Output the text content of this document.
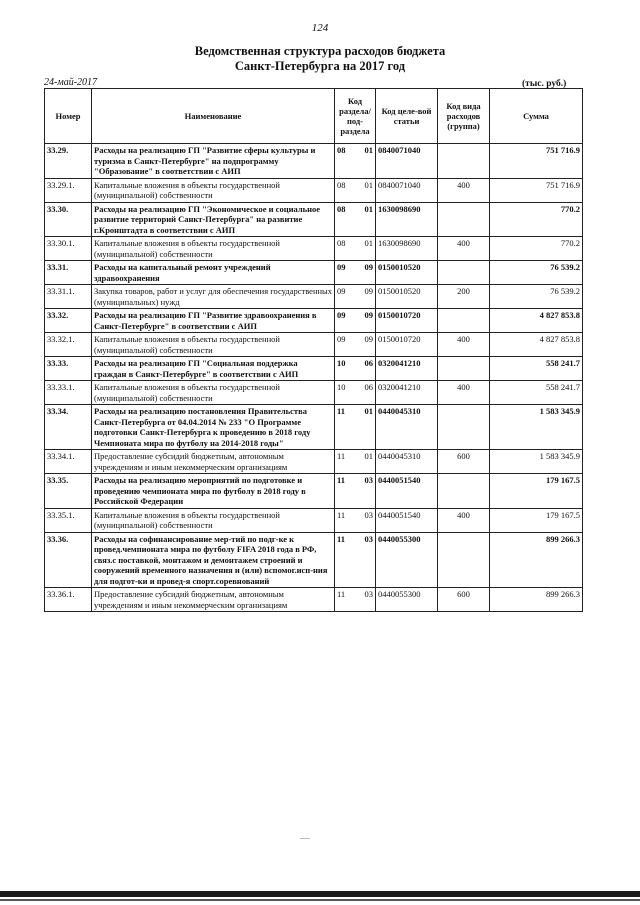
124
Ведомственная структура расходов бюджета
Санкт-Петербурга на 2017 год
24-май-2017	(тыс. руб.)
Номер	Наименование	Код раздела/ под-раздела		Код целе-вой статьи	Код вида расходов (группа)	Сумма
33.29.	Расходы на реализацию ГП "Развитие сферы культуры и туризма в Санкт-Петербурге" на подпрограмму "Образование" в соответствии с АИП	08	01	0840071040		751 716.9
33.29.1.	Капитальные вложения в объекты государственной (муниципальной) собственности	08	01	0840071040	400	751 716.9
33.30.	Расходы на реализацию ГП "Экономическое и социальное развитие территорий Санкт-Петербурга" на развитие г.Кронштадта в соответствии с АИП	08	01	1630098690		770.2
33.30.1.	Капитальные вложения в объекты государственной (муниципальной) собственности	08	01	1630098690	400	770.2
33.31.	Расходы на капитальный ремонт учреждений здравоохранения	09	09	0150010520		76 539.2
33.31.1.	Закупка товаров, работ и услуг для обеспечения государственных (муниципальных) нужд	09	09	0150010520	200	76 539.2
33.32.	Расходы на реализацию ГП "Развитие здравоохранения в Санкт-Петербурге" в соответствии с АИП	09	09	0150010720		4 827 853.8
33.32.1.	Капитальные вложения в объекты государственной (муниципальной) собственности	09	09	0150010720	400	4 827 853.8
33.33.	Расходы на реализацию ГП "Социальная поддержка граждан в Санкт-Петербурге" в соответствии с АИП	10	06	0320041210		558 241.7
33.33.1.	Капитальные вложения в объекты государственной (муниципальной) собственности	10	06	0320041210	400	558 241.7
33.34.	Расходы на реализацию постановления Правительства Санкт-Петербурга от 04.04.2014 № 233 "О Программе подготовки Санкт-Петербурга к проведению в 2018 году Чемпионата мира по футболу на 2014-2018 годы"	11	01	0440045310		1 583 345.9
33.34.1.	Предоставление субсидий бюджетным, автономным учреждениям и иным некоммерческим организациям	11	01	0440045310	600	1 583 345.9
33.35.	Расходы на реализацию мероприятий по подготовке и проведению чемпионата мира по футболу в 2018 году в Российской Федерации	11	03	0440051540		179 167.5
33.35.1.	Капитальные вложения в объекты государственной (муниципальной) собственности	11	03	0440051540	400	179 167.5
33.36.	Расходы на софинансирование мер-тий по подг-ке к провед.чемпионата мира по футболу FIFA 2018 года в РФ, связ.с поставкой, монтажом и демонтажем строений и сооружений временного назначения и (или) вспомог.исп-ния для подгот-ки и провед-я спорт.соревнований	11	03	0440055300		899 266.3
33.36.1.	Предоставление субсидий бюджетным, автономным учреждениям и иным некоммерческим организациям	11	03	0440055300	600	899 266.3
